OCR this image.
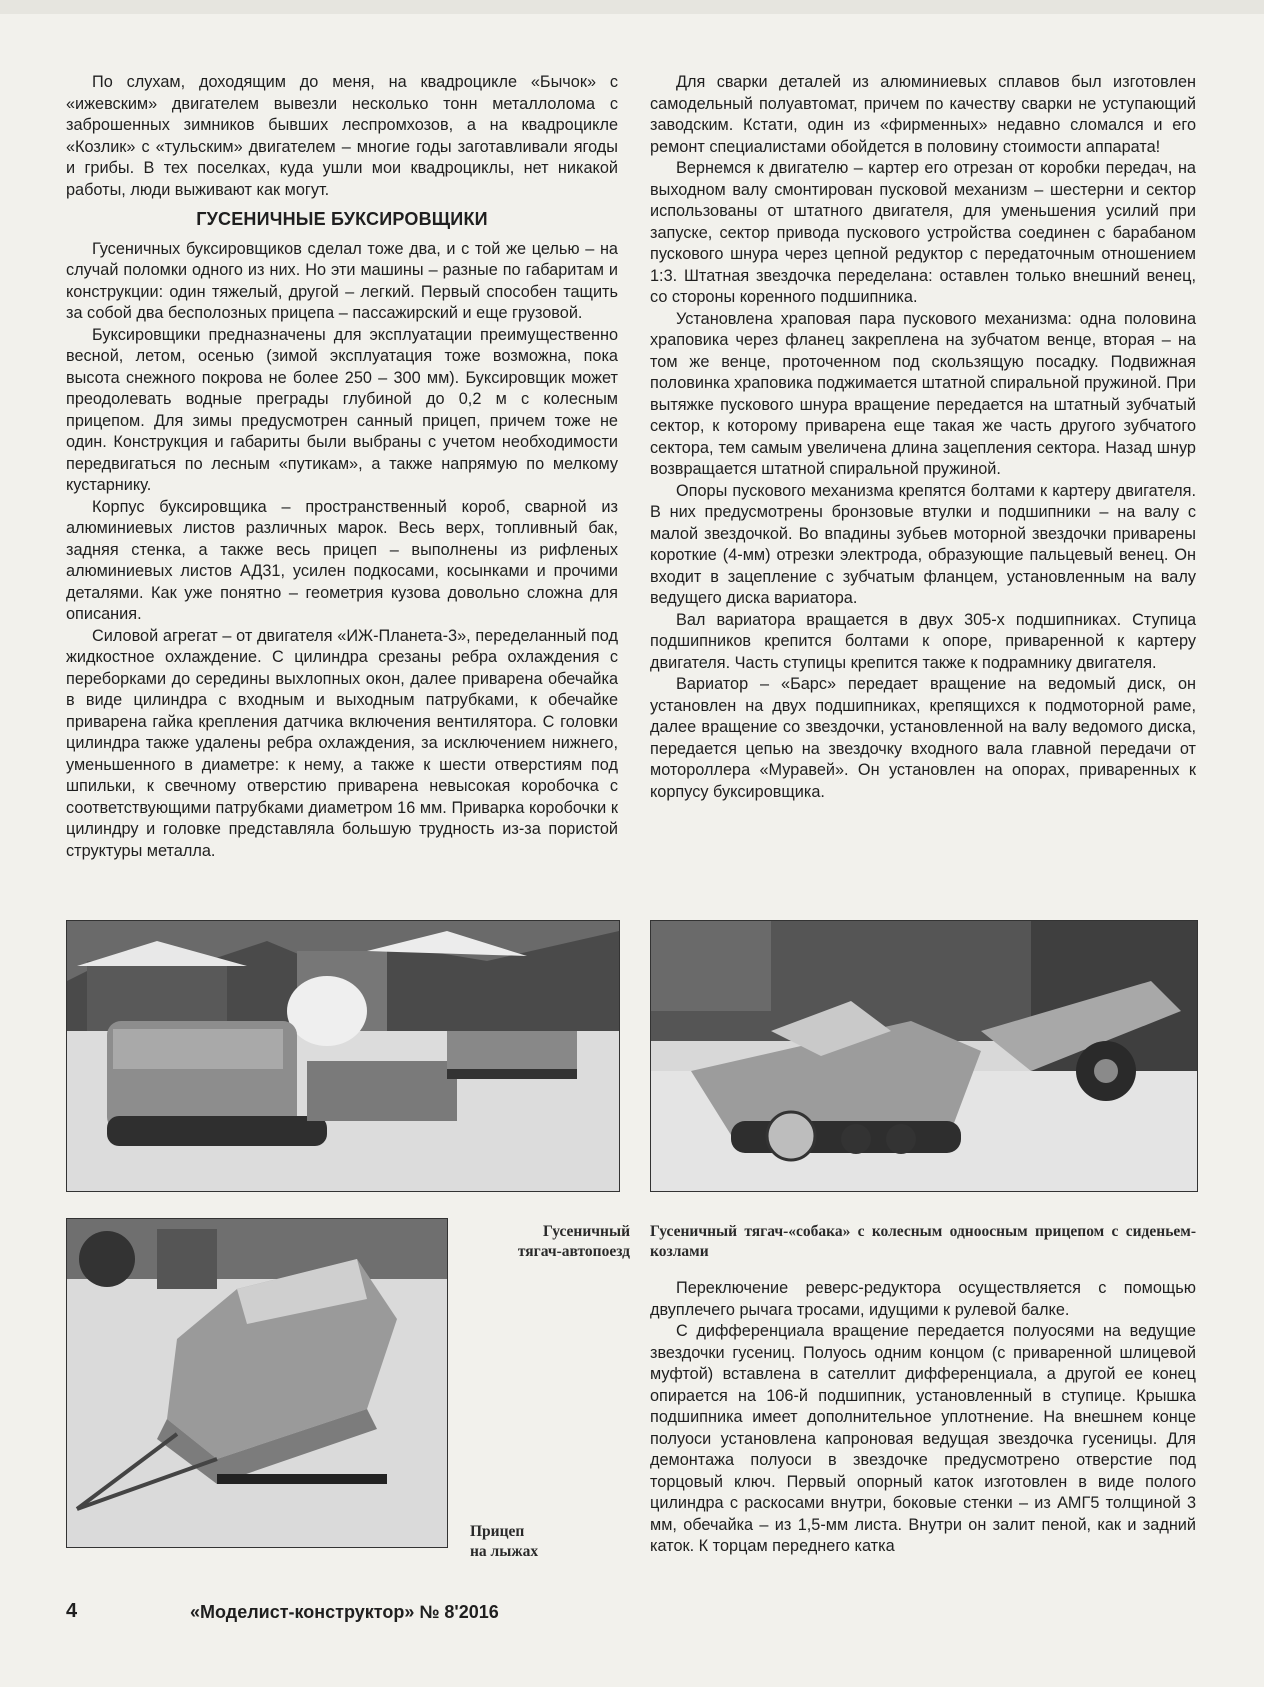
По слухам, доходящим до меня, на квадроцикле «Бычок» с «ижевским» двигателем вывезли несколько тонн металлолома с заброшенных зимников бывших леспромхозов, а на квадроцикле «Козлик» с «тульским» двигателем – многие годы заготавливали ягоды и грибы. В тех поселках, куда ушли мои квадроциклы, нет никакой работы, люди выживают как могут.

ГУСЕНИЧНЫЕ БУКСИРОВЩИКИ

Гусеничных буксировщиков сделал тоже два, и с той же целью – на случай поломки одного из них. Но эти машины – разные по габаритам и конструкции: один тяжелый, другой – легкий. Первый способен тащить за собой два бесполозных прицепа – пассажирский и еще грузовой.

Буксировщики предназначены для эксплуатации преимущественно весной, летом, осенью (зимой эксплуатация тоже возможна, пока высота снежного покрова не более 250 – 300 мм). Буксировщик может преодолевать водные преграды глубиной до 0,2 м с колесным прицепом. Для зимы предусмотрен санный прицеп, причем тоже не один. Конструкция и габариты были выбраны с учетом необходимости передвигаться по лесным «путикам», а также напрямую по мелкому кустарнику.

Корпус буксировщика – пространственный короб, сварной из алюминиевых листов различных марок. Весь верх, топливный бак, задняя стенка, а также весь прицеп – выполнены из рифленых алюминиевых листов АД31, усилен подкосами, косынками и прочими деталями. Как уже понятно – геометрия кузова довольно сложна для описания.

Силовой агрегат – от двигателя «ИЖ-Планета-3», переделанный под жидкостное охлаждение. С цилиндра срезаны ребра охлаждения с переборками до середины выхлопных окон, далее приварена обечайка в виде цилиндра с входным и выходным патрубками, к обечайке приварена гайка крепления датчика включения вентилятора. С головки цилиндра также удалены ребра охлаждения, за исключением нижнего, уменьшенного в диаметре: к нему, а также к шести отверстиям под шпильки, к свечному отверстию приварена невысокая коробочка с соответствующими патрубками диаметром 16 мм. Приварка коробочки к цилиндру и головке представляла большую трудность из-за пористой структуры металла.

Для сварки деталей из алюминиевых сплавов был изготовлен самодельный полуавтомат, причем по качеству сварки не уступающий заводским. Кстати, один из «фирменных» недавно сломался и его ремонт специалистами обойдется в половину стоимости аппарата!

Вернемся к двигателю – картер его отрезан от коробки передач, на выходном валу смонтирован пусковой механизм – шестерни и сектор использованы от штатного двигателя, для уменьшения усилий при запуске, сектор привода пускового устройства соединен с барабаном пускового шнура через цепной редуктор с передаточным отношением 1:3. Штатная звездочка переделана: оставлен только внешний венец, со стороны коренного подшипника.

Установлена храповая пара пускового механизма: одна половина храповика через фланец закреплена на зубчатом венце, вторая – на том же венце, проточенном под скользящую посадку. Подвижная половинка храповика поджимается штатной спиральной пружиной. При вытяжке пускового шнура вращение передается на штатный зубчатый сектор, к которому приварена еще такая же часть другого зубчатого сектора, тем самым увеличена длина зацепления сектора. Назад шнур возвращается штатной спиральной пружиной.

Опоры пускового механизма крепятся болтами к картеру двигателя. В них предусмотрены бронзовые втулки и подшипники – на валу с малой звездочкой. Во впадины зубьев моторной звездочки приварены короткие (4-мм) отрезки электрода, образующие пальцевый венец. Он входит в зацепление с зубчатым фланцем, установленным на валу ведущего диска вариатора.

Вал вариатора вращается в двух 305-х подшипниках. Ступица подшипников крепится болтами к опоре, приваренной к картеру двигателя. Часть ступицы крепится также к подрамнику двигателя.

Вариатор – «Барс» передает вращение на ведомый диск, он установлен на двух подшипниках, крепящихся к подмоторной раме, далее вращение со звездочки, установленной на валу ведомого диска, передается цепью на звездочку входного вала главной передачи от мотороллера «Муравей». Он установлен на опорах, приваренных к корпусу буксировщика.

Гусеничный
тягач-автопоезд
Гусеничный тягач-«собака» с колесным одноосным прицепом с сиденьем-козлами
Прицеп
на лыжах

Переключение реверс-редуктора осуществляется с помощью двуплечего рычага тросами, идущими к рулевой балке.

С дифференциала вращение передается полуосями на ведущие звездочки гусениц. Полуось одним концом (с приваренной шлицевой муфтой) вставлена в сателлит дифференциала, а другой ее конец опирается на 106-й подшипник, установленный в ступице. Крышка подшипника имеет дополнительное уплотнение. На внешнем конце полуоси установлена капроновая ведущая звездочка гусеницы. Для демонтажа полуоси в звездочке предусмотрено отверстие под торцовый ключ. Первый опорный каток изготовлен в виде полого цилиндра с раскосами внутри, боковые стенки – из АМГ5 толщиной 3 мм, обечайка – из 1,5-мм листа. Внутри он залит пеной, как и задний каток. К торцам переднего катка

4	«Моделист-конструктор» № 8'2016
